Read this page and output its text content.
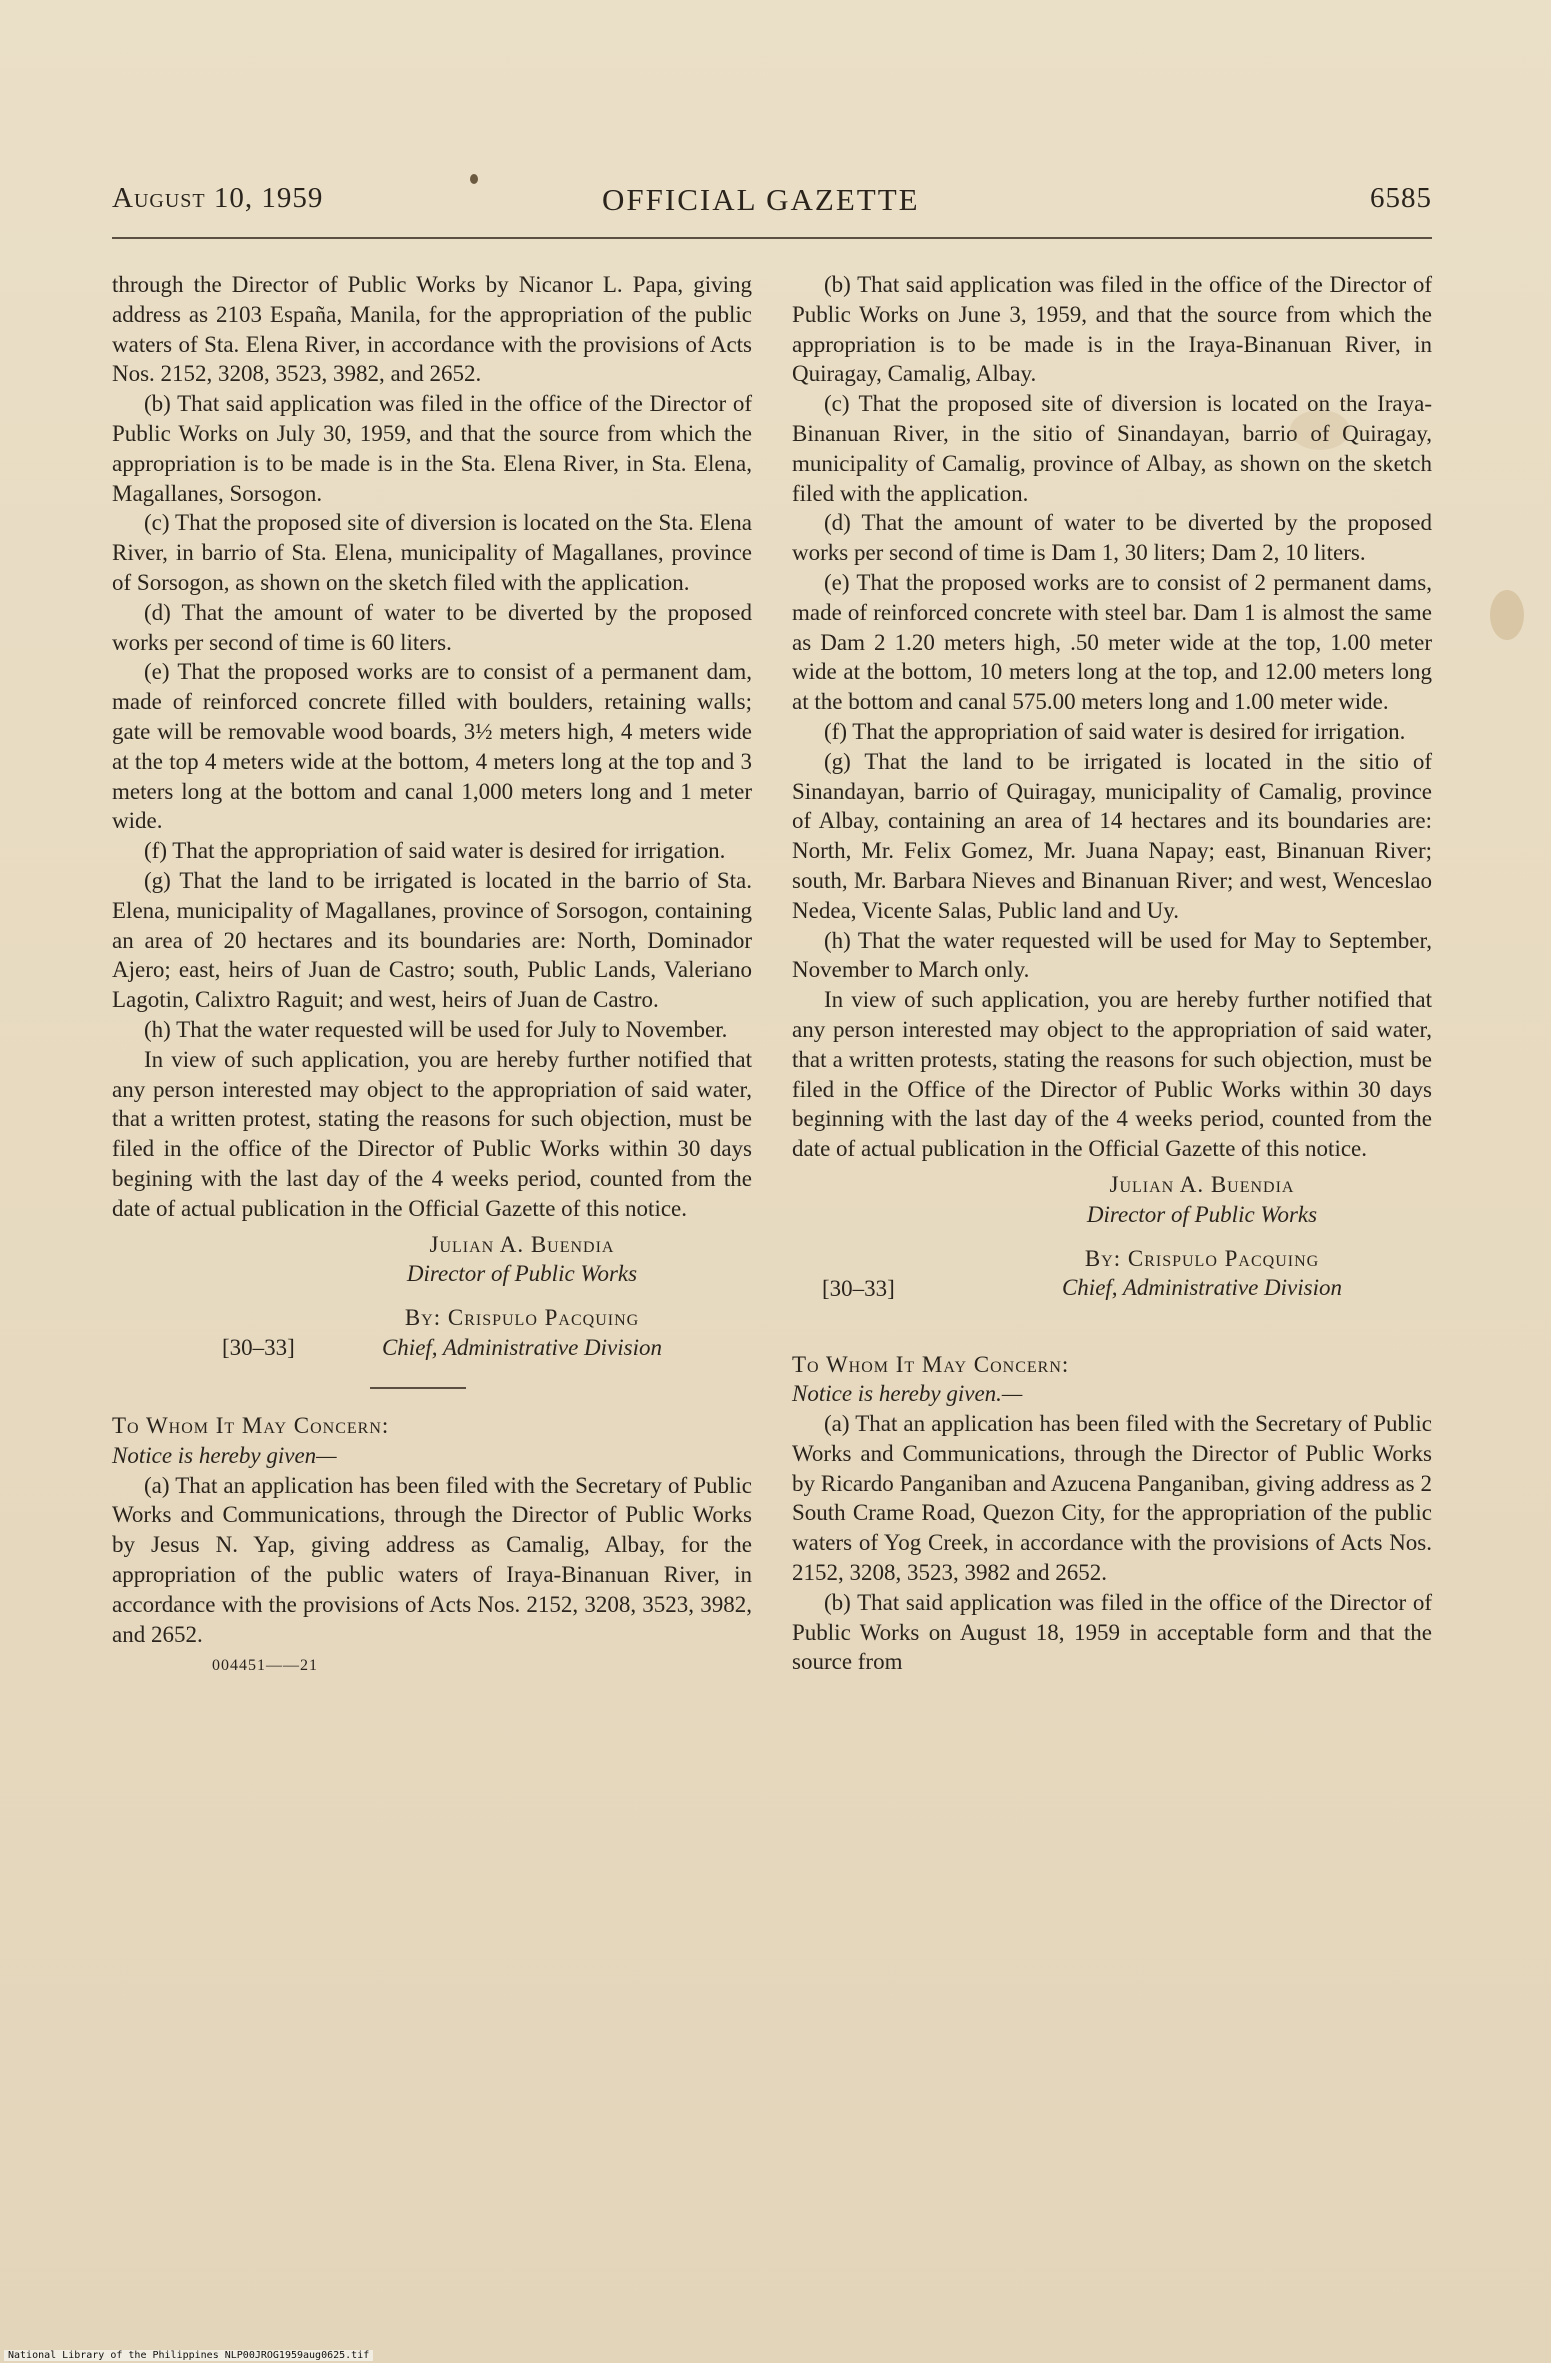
August 10, 1959	OFFICIAL GAZETTE	6585

through the Director of Public Works by Nicanor L. Papa, giving address as 2103 España, Manila, for the appropriation of the public waters of Sta. Elena River, in accordance with the provisions of Acts Nos. 2152, 3208, 3523, 3982, and 2652.

(b) That said application was filed in the office of the Director of Public Works on July 30, 1959, and that the source from which the appropriation is to be made is in the Sta. Elena River, in Sta. Elena, Magallanes, Sorsogon.

(c) That the proposed site of diversion is located on the Sta. Elena River, in barrio of Sta. Elena, municipality of Magallanes, province of Sorsogon, as shown on the sketch filed with the application.

(d) That the amount of water to be diverted by the proposed works per second of time is 60 liters.

(e) That the proposed works are to consist of a permanent dam, made of reinforced concrete filled with boulders, retaining walls; gate will be removable wood boards, 3½ meters high, 4 meters wide at the top 4 meters wide at the bottom, 4 meters long at the top and 3 meters long at the bottom and canal 1,000 meters long and 1 meter wide.

(f) That the appropriation of said water is desired for irrigation.

(g) That the land to be irrigated is located in the barrio of Sta. Elena, municipality of Magallanes, province of Sorsogon, containing an area of 20 hectares and its boundaries are: North, Dominador Ajero; east, heirs of Juan de Castro; south, Public Lands, Valeriano Lagotin, Calixtro Raguit; and west, heirs of Juan de Castro.

(h) That the water requested will be used for July to November.

In view of such application, you are hereby further notified that any person interested may object to the appropriation of said water, that a written protest, stating the reasons for such objection, must be filed in the office of the Director of Public Works within 30 days begining with the last day of the 4 weeks period, counted from the date of actual publication in the Official Gazette of this notice.

Julian A. Buendia
Director of Public Works
[30–33]
By: Crispulo Pacquing
Chief, Administrative Division

To Whom It May Concern:

Notice is hereby given—

(a) That an application has been filed with the Secretary of Public Works and Communications, through the Director of Public Works by Jesus N. Yap, giving address as Camalig, Albay, for the appropriation of the public waters of Iraya-Binanuan River, in accordance with the provisions of Acts Nos. 2152, 3208, 3523, 3982, and 2652.

004451——21

(b) That said application was filed in the office of the Director of Public Works on June 3, 1959, and that the source from which the appropriation is to be made is in the Iraya-Binanuan River, in Quiragay, Camalig, Albay.

(c) That the proposed site of diversion is located on the Iraya-Binanuan River, in the sitio of Sinandayan, barrio of Quiragay, municipality of Camalig, province of Albay, as shown on the sketch filed with the application.

(d) That the amount of water to be diverted by the proposed works per second of time is Dam 1, 30 liters; Dam 2, 10 liters.

(e) That the proposed works are to consist of 2 permanent dams, made of reinforced concrete with steel bar. Dam 1 is almost the same as Dam 2 1.20 meters high, .50 meter wide at the top, 1.00 meter wide at the bottom, 10 meters long at the top, and 12.00 meters long at the bottom and canal 575.00 meters long and 1.00 meter wide.

(f) That the appropriation of said water is desired for irrigation.

(g) That the land to be irrigated is located in the sitio of Sinandayan, barrio of Quiragay, municipality of Camalig, province of Albay, containing an area of 14 hectares and its boundaries are: North, Mr. Felix Gomez, Mr. Juana Napay; east, Binanuan River; south, Mr. Barbara Nieves and Binanuan River; and west, Wenceslao Nedea, Vicente Salas, Public land and Uy.

(h) That the water requested will be used for May to September, November to March only.

In view of such application, you are hereby further notified that any person interested may object to the appropriation of said water, that a written protests, stating the reasons for such objection, must be filed in the Office of the Director of Public Works within 30 days beginning with the last day of the 4 weeks period, counted from the date of actual publication in the Official Gazette of this notice.

Julian A. Buendia
Director of Public Works
[30–33]
By: Crispulo Pacquing
Chief, Administrative Division

To Whom It May Concern:

Notice is hereby given.—

(a) That an application has been filed with the Secretary of Public Works and Communications, through the Director of Public Works by Ricardo Panganiban and Azucena Panganiban, giving address as 2 South Crame Road, Quezon City, for the appropriation of the public waters of Yog Creek, in accordance with the provisions of Acts Nos. 2152, 3208, 3523, 3982 and 2652.

(b) That said application was filed in the office of the Director of Public Works on August 18, 1959 in acceptable form and that the source from

National Library of the Philippines NLP00JROG1959aug0625.tif
